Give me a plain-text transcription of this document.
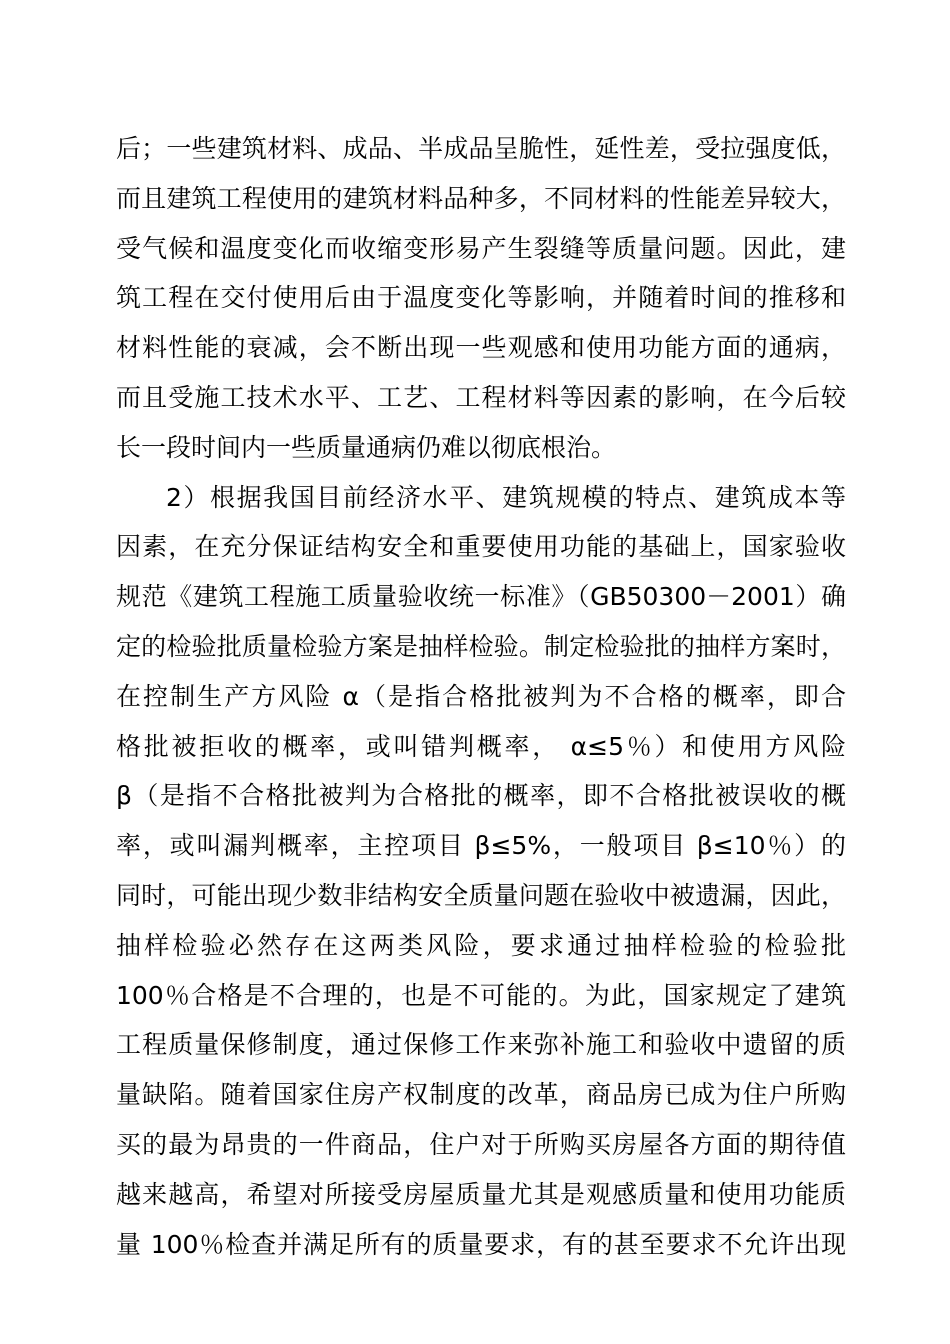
后；一些建筑材料、成品、半成品呈脆性，延性差，受拉强度低，
而且建筑工程使用的建筑材料品种多，不同材料的性能差异较大，
受气候和温度变化而收缩变形易产生裂缝等质量问题。因此，建
筑工程在交付使用后由于温度变化等影响，并随着时间的推移和
材料性能的衰减，会不断出现一些观感和使用功能方面的通病，
而且受施工技术水平、工艺、工程材料等因素的影响，在今后较
长一段时间内一些质量通病仍难以彻底根治。
2）根据我国目前经济水平、建筑规模的特点、建筑成本等
因素，在充分保证结构安全和重要使用功能的基础上，国家验收
规范《建筑工程施工质量验收统一标准》（GB50300－2001）确
定的检验批质量检验方案是抽样检验。制定检验批的抽样方案时，
在控制生产方风险 α（是指合格批被判为不合格的概率，即合
格批被拒收的概率，或叫错判概率， α≤5％）和使用方风险
β（是指不合格批被判为合格批的概率，即不合格批被误收的概
率，或叫漏判概率，主控项目 β≤5%，一般项目 β≤10％）的
同时，可能出现少数非结构安全质量问题在验收中被遗漏，因此，
抽样检验必然存在这两类风险，要求通过抽样检验的检验批
100％合格是不合理的，也是不可能的。为此，国家规定了建筑
工程质量保修制度，通过保修工作来弥补施工和验收中遗留的质
量缺陷。随着国家住房产权制度的改革，商品房已成为住户所购
买的最为昂贵的一件商品，住户对于所购买房屋各方面的期待值
越来越高，希望对所接受房屋质量尤其是观感质量和使用功能质
量 100％检查并满足所有的质量要求，有的甚至要求不允许出现
